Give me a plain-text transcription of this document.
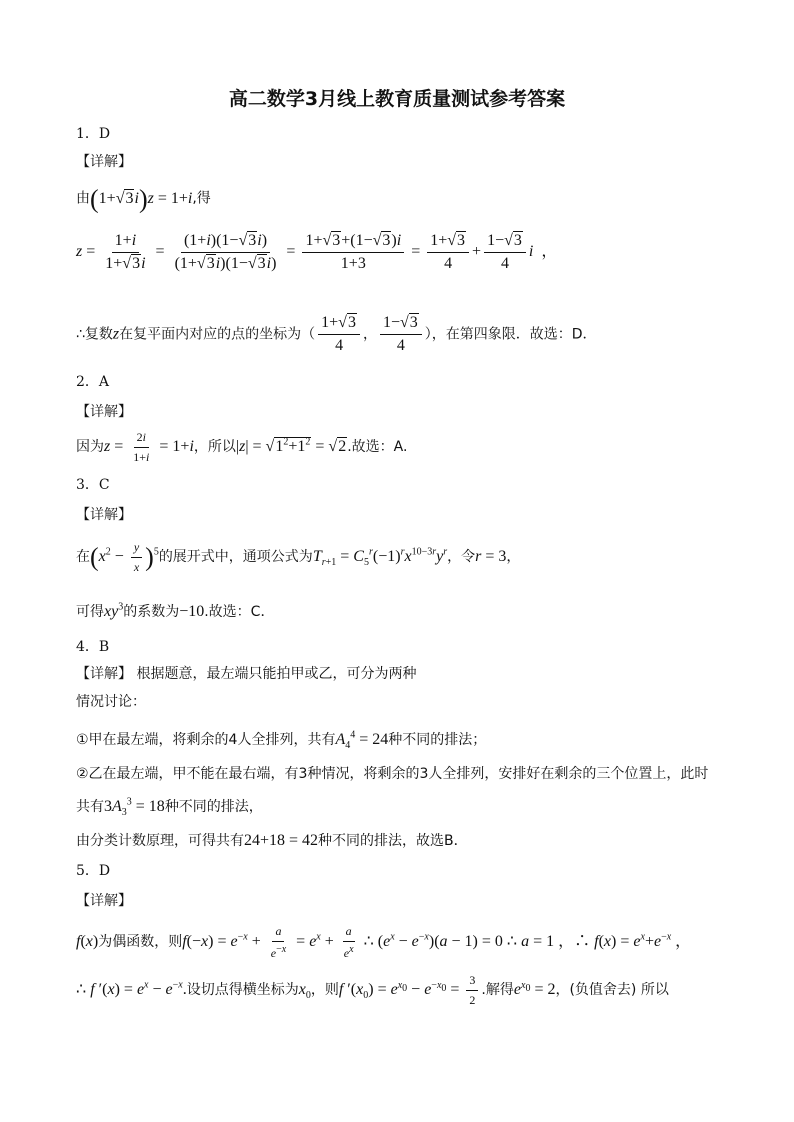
高二数学3月线上教育质量测试参考答案
1．D
【详解】
由(1+√3i)z = 1+i,得
$z = \frac{1+i}{1+√3i} = \frac{(1+i)(1-√3i)}{(1+√3i)(1-√3i)} = \frac{1+√3+(1-√3)i}{1+3} = \frac{1+√3}{4} + \frac{1-√3}{4}$ i  ，
∴复数z在复平面内对应的点的坐标为（ $\frac{1+√3}{4}$ ， $\frac{1-√3}{4}$ ），在第四象限．故选：D．
2．A
【详解】
因为$z = \frac{2i}{1+i} = 1+i$，所以$|z| = √1^2+1^2 = √2$.故选：A.
3．C
【详解】
在$(x^2 - \frac{y}{x} )^5$的展开式中，通项公式为$T_{r+1} = C_5^r(-1)^rx^{10-3r}y^r$，令r = 3，
可得$xy^3$的系数为−10.故选：C．
4．B
【详解】 根据题意，最左端只能拍甲或乙，可分为两种
情况讨论：
①甲在最左端，将剩余的4人全排列，共有$A_4^4 = 24$种不同的排法；
②乙在最左端，甲不能在最右端，有3种情况，将剩余的3人全排列，安排好在剩余的三个位置上，此时
共有$3A_3^3 = 18$种不同的排法，
由分类计数原理，可得共有24+18 = 42种不同的排法，故选B．
5．D
【详解】
f(x)为偶函数，则$f(-x) = e^{-x} + \frac{a}{e^{-x}} = e^x + \frac{a}{e^x}$ ∴ $(e^x - e^{-x})(a - 1) = 0$ ∴ a = 1 ，∴ $f(x) = e^x+e^{-x}$ ，
∴ f $'(x) = e^x - e^{-x}$.设切点得横坐标为$x_0$，则f $'(x_0) = e^{x_0} - e^{-x_0} = \frac{3}{2}$ .解得$e^{x_0} = 2$，(负值舍去) 所以
